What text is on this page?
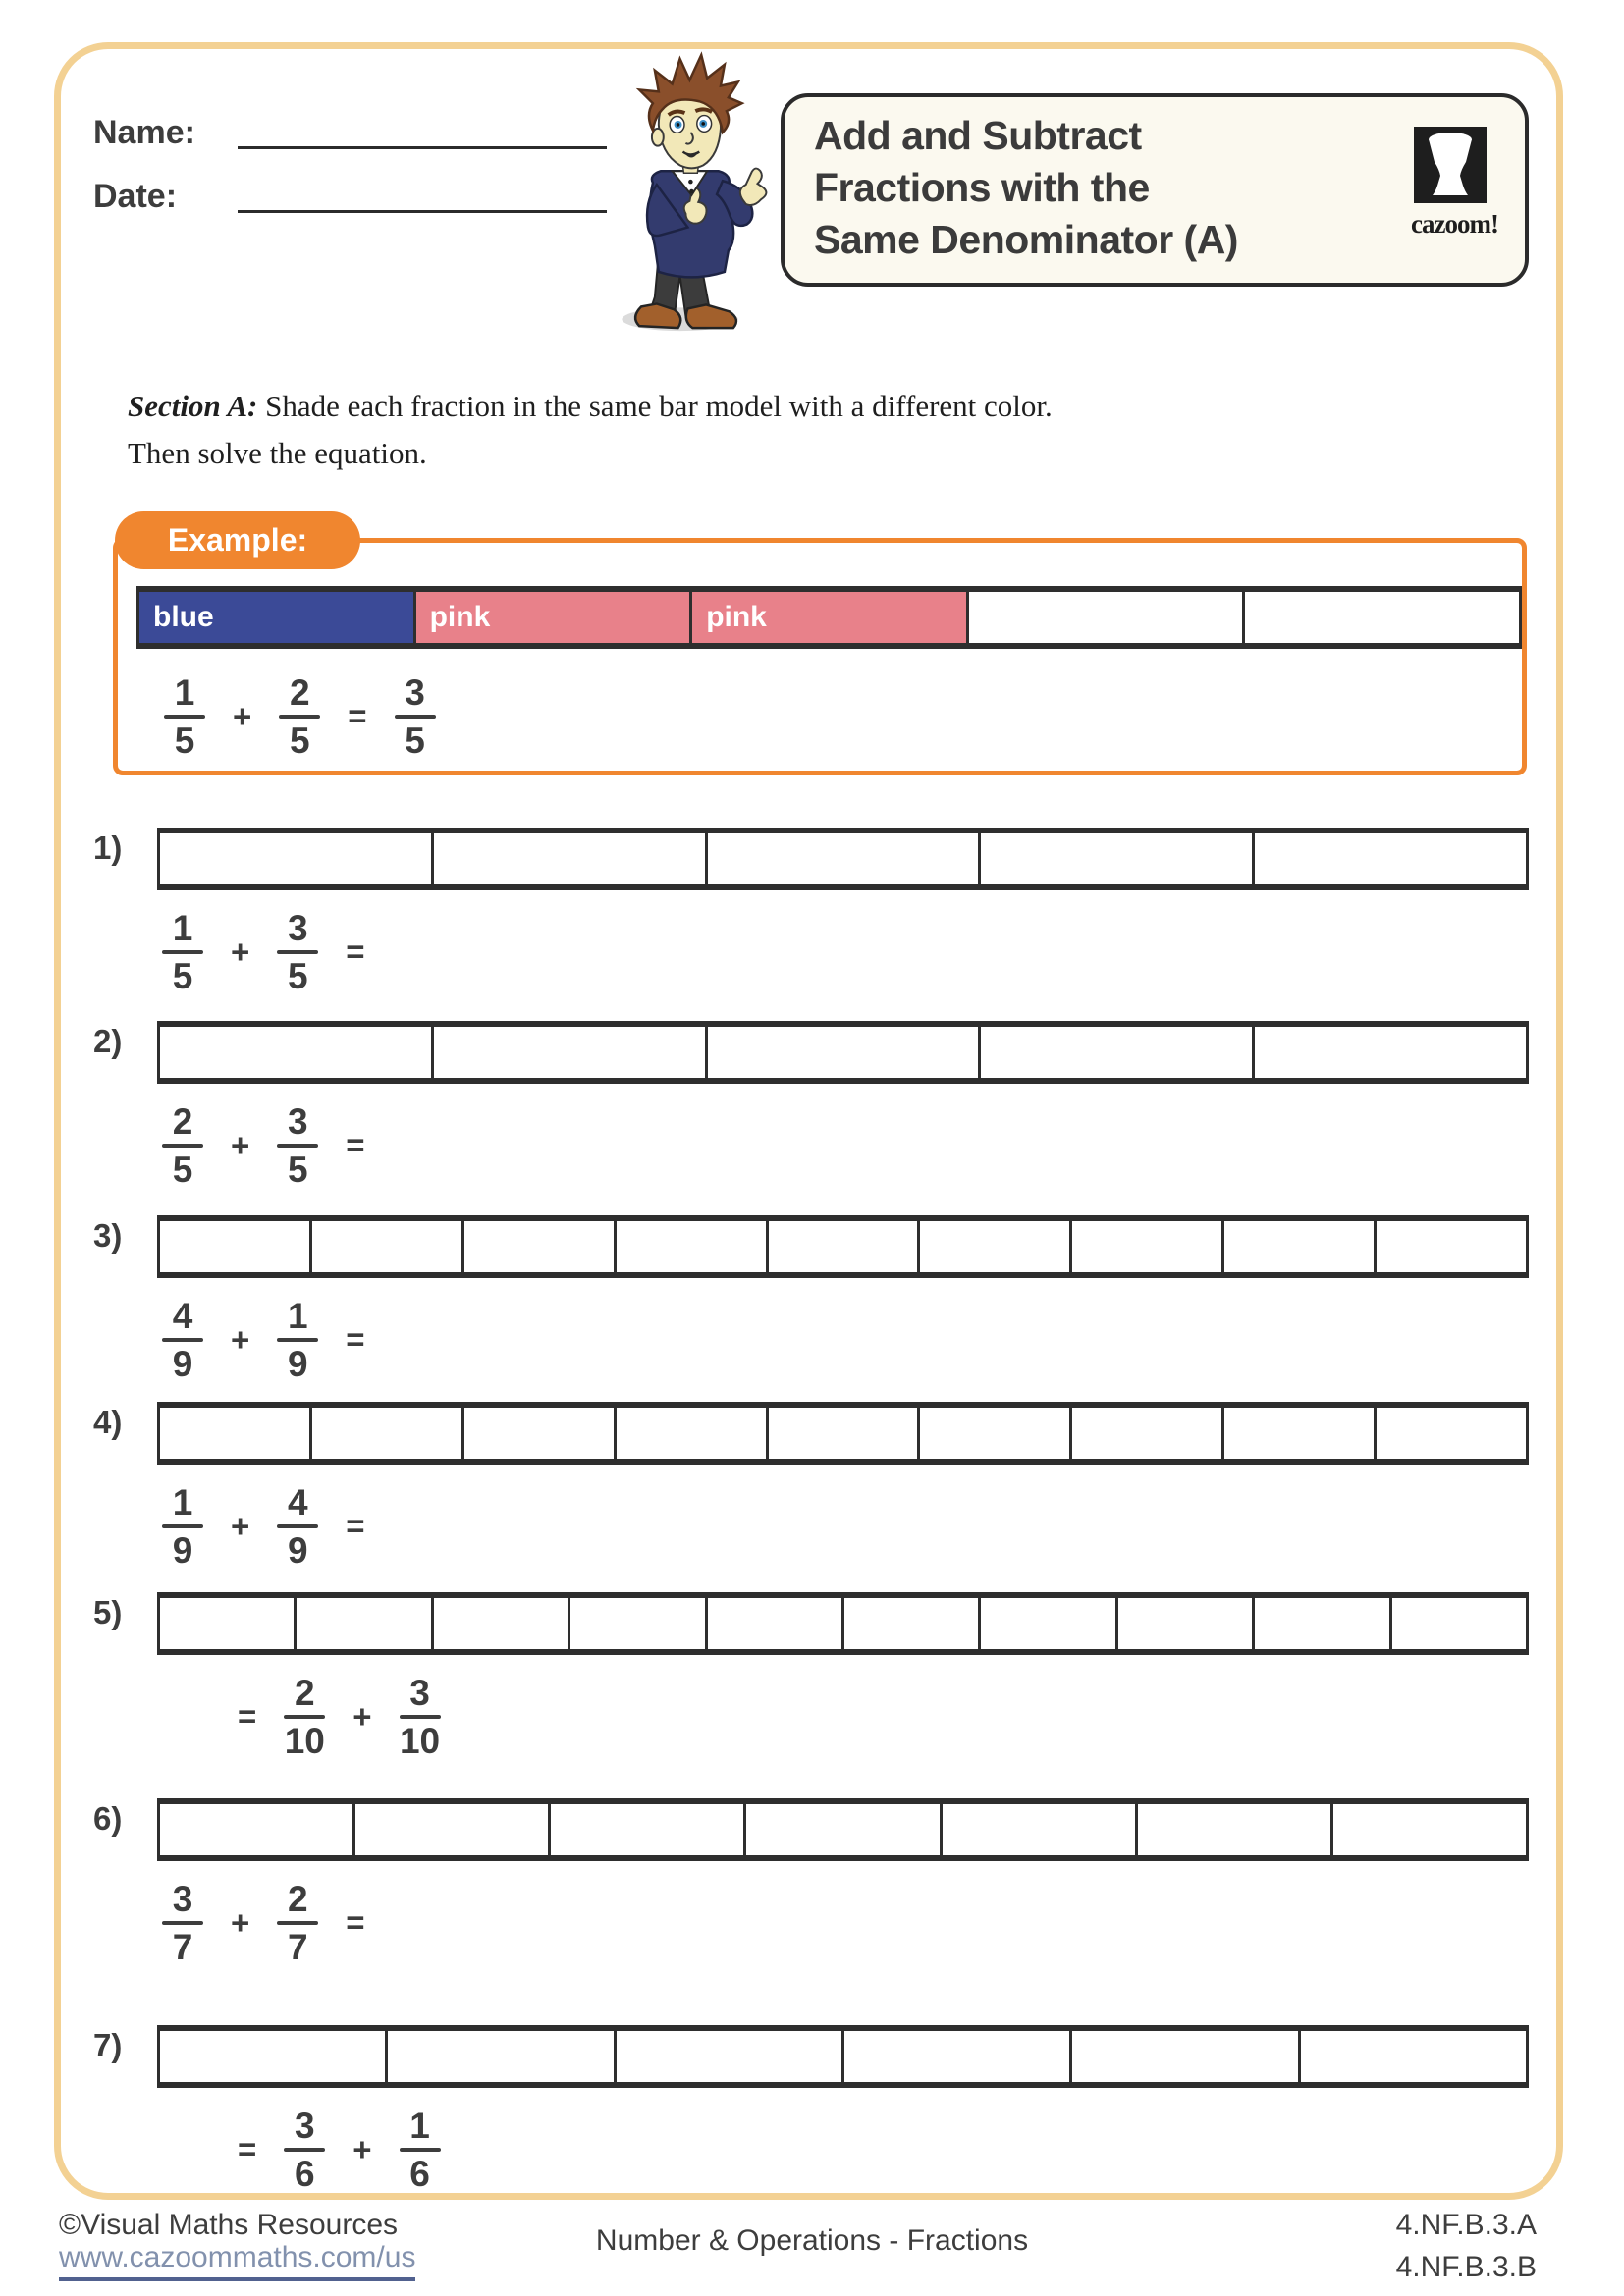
Name:
Date:
Add and Subtract
Fractions with the
Same Denominator (A)	cazoom!
Section A: Shade each fraction in the same bar model with a different color.
Then solve the equation.
Example:
blue	pink	pink
$\frac{1}{5} + \frac{2}{5} = \frac{3}{5}$
1)
$\frac{1}{5} + \frac{3}{5}$ =
2)
$\frac{2}{5} + \frac{3}{5}$ =
3)
$\frac{4}{9} + \frac{1}{9}$ =
4)
$\frac{1}{9} + \frac{4}{9}$ =
5)
= $\frac{2}{10} + \frac{3}{10}$
6)
$\frac{3}{7} + \frac{2}{7}$ =
7)
= $\frac{3}{6} + \frac{1}{6}$
©Visual Maths Resources
www.cazoommaths.com/us
Number & Operations - Fractions	4.NF.B.3.A
4.NF.B.3.B
